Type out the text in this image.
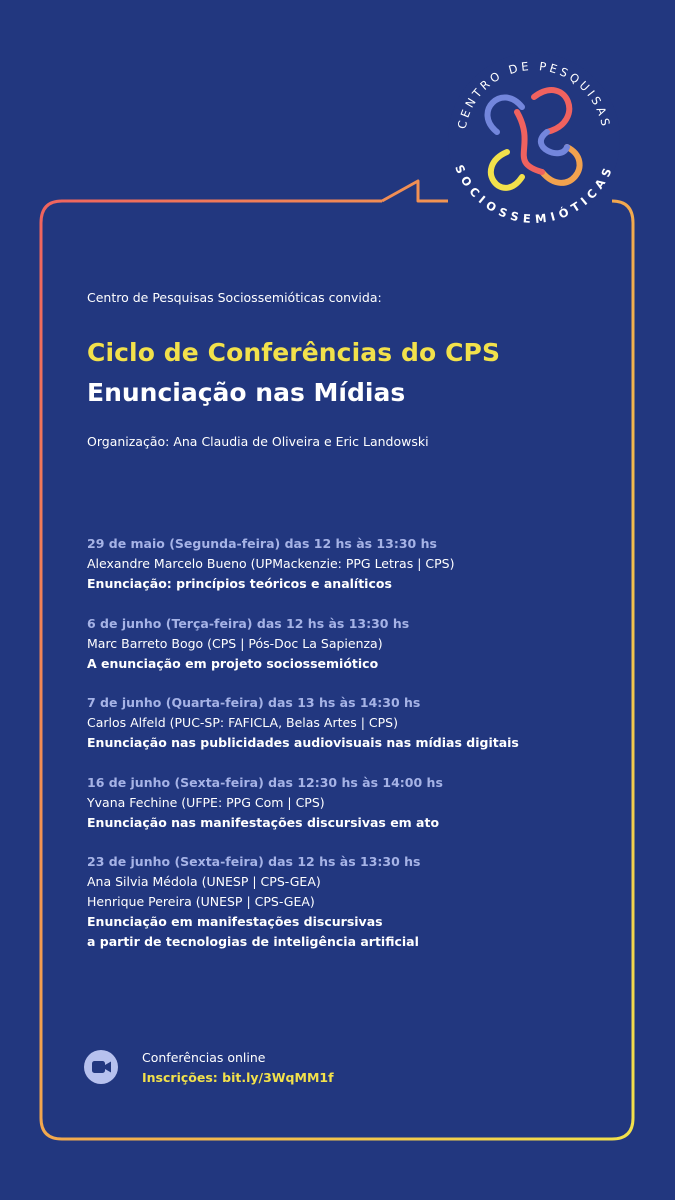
CENTRO DE PESQUISAS
SOCIOSSEMIÓTICAS
Centro de Pesquisas Sociossemióticas convida:
Ciclo de Conferências do CPS
Enunciação nas Mídias
Organização: Ana Claudia de Oliveira e Eric Landowski
29 de maio (Segunda-feira) das 12 hs às 13:30 hs
Alexandre Marcelo Bueno (UPMackenzie: PPG Letras | CPS)
Enunciação: princípios teóricos e analíticos
6 de junho (Terça-feira) das 12 hs às 13:30 hs
Marc Barreto Bogo (CPS | Pós-Doc La Sapienza)
A enunciação em projeto sociossemiótico
7 de junho (Quarta-feira) das 13 hs às 14:30 hs
Carlos Alfeld (PUC-SP: FAFICLA, Belas Artes | CPS)
Enunciação nas publicidades audiovisuais nas mídias digitais
16 de junho (Sexta-feira) das 12:30 hs às 14:00 hs
Yvana Fechine (UFPE: PPG Com | CPS)
Enunciação nas manifestações discursivas em ato
23 de junho (Sexta-feira) das 12 hs às 13:30 hs
Ana Silvia Médola (UNESP | CPS-GEA)
Henrique Pereira (UNESP | CPS-GEA)
Enunciação em manifestações discursivas
a partir de tecnologias de inteligência artificial
Conferências online
Inscrições: bit.ly/3WqMM1f
